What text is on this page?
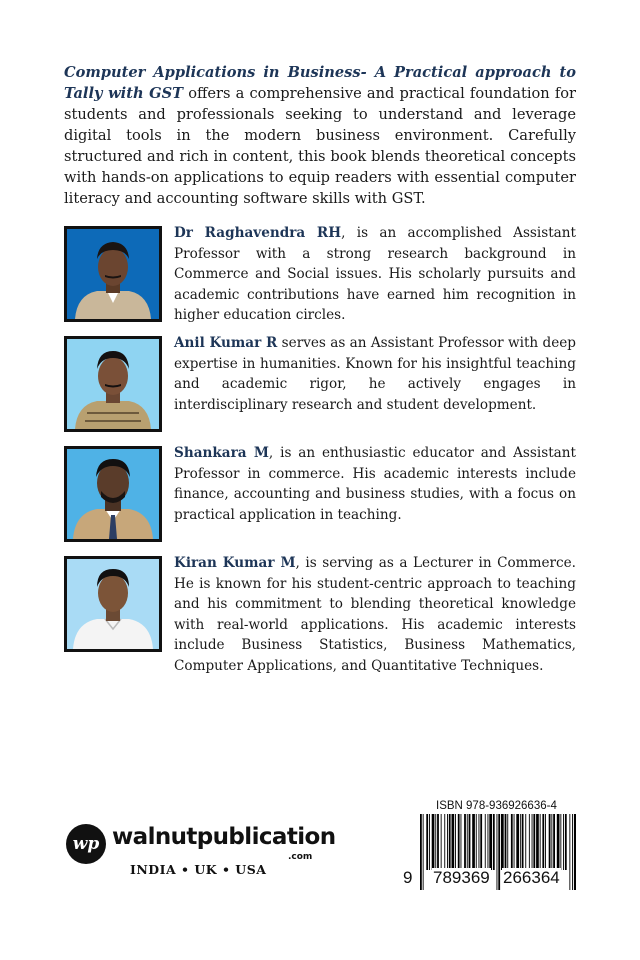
Computer Applications in Business- A Practical approach to Tally with GST offers a comprehensive and practical foundation for students and professionals seeking to understand and leverage digital tools in the modern business environment. Carefully structured and rich in content, this book blends theoretical concepts with hands-on applications to equip readers with essential computer literacy and accounting software skills with GST.

Dr Raghavendra RH, is an accomplished Assistant Professor with a strong research background in Commerce and Social issues. His scholarly pursuits and academic contributions have earned him recognition in higher education circles.

Anil Kumar R serves as an Assistant Professor with deep expertise in humanities. Known for his insightful teaching and academic rigor, he actively engages in interdisciplinary research and student development.

Shankara M, is an enthusiastic educator and Assistant Professor in commerce. His academic interests include finance, accounting and business studies, with a focus on practical application in teaching.

Kiran Kumar M, is serving as a Lecturer in Commerce. He is known for his student-centric approach to teaching and his commitment to blending theoretical knowledge with real-world applications. His academic interests include Business Statistics, Business Mathematics, Computer Applications, and Quantitative Techniques.

wp walnutpublication
.com
INDIA • UK • USA
ISBN 978-936926636-4
9 789369 266364
